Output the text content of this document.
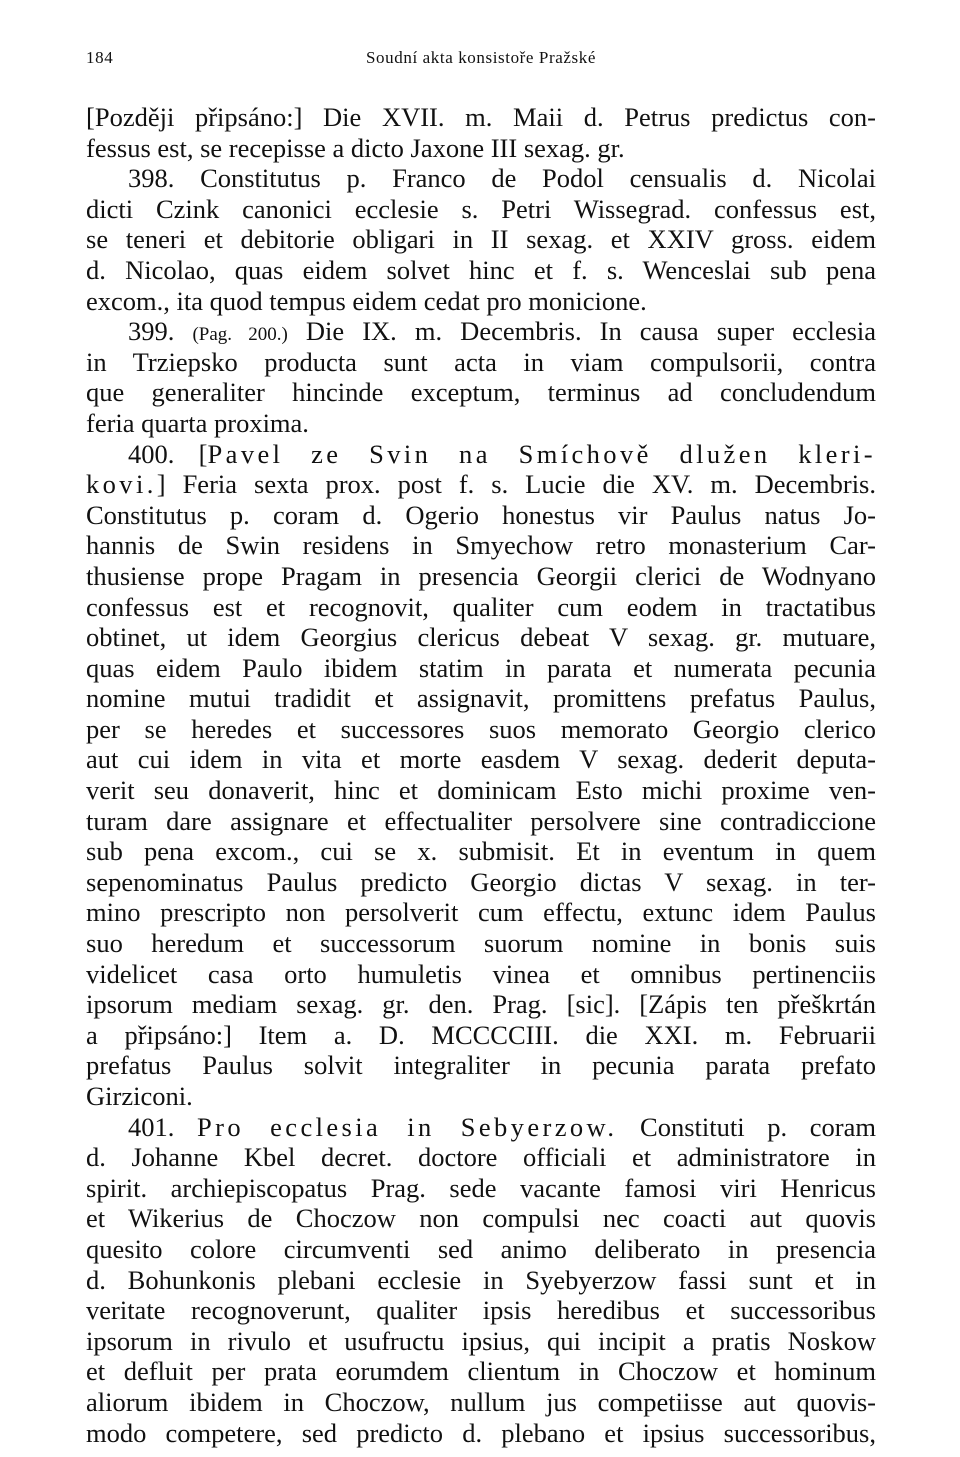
184	Soudní akta konsistoře Pražské
[Později připsáno:] Die XVII. m. Maii d. Petrus predictus con-
fessus est, se recepisse a dicto Jaxone III sexag. gr.
398. Constitutus p. Franco de Podol censualis d. Nicolai
dicti Czink canonici ecclesie s. Petri Wissegrad. confessus est,
se teneri et debitorie obligari in II sexag. et XXIV gross. eidem
d. Nicolao, quas eidem solvet hinc et f. s. Wenceslai sub pena
excom., ita quod tempus eidem cedat pro monicione.
399. (Pag. 200.) Die IX. m. Decembris. In causa super ecclesia
in Trziepsko producta sunt acta in viam compulsorii, contra
que generaliter hincinde exceptum, terminus ad concludendum
feria quarta proxima.
400. [Pavel ze Svin na Smíchově dlužen kleri-
kovi.] Feria sexta prox. post f. s. Lucie die XV. m. Decembris.
Constitutus p. coram d. Ogerio honestus vir Paulus natus Jo-
hannis de Swin residens in Smyechow retro monasterium Car-
thusiense prope Pragam in presencia Georgii clerici de Wodnyano
confessus est et recognovit, qualiter cum eodem in tractatibus
obtinet, ut idem Georgius clericus debeat V sexag. gr. mutuare,
quas eidem Paulo ibidem statim in parata et numerata pecunia
nomine mutui tradidit et assignavit, promittens prefatus Paulus,
per se heredes et successores suos memorato Georgio clerico
aut cui idem in vita et morte easdem V sexag. dederit deputa-
verit seu donaverit, hinc et dominicam Esto michi proxime ven-
turam dare assignare et effectualiter persolvere sine contradiccione
sub pena excom., cui se x. submisit. Et in eventum in quem
sepenominatus Paulus predicto Georgio dictas V sexag. in ter-
mino prescripto non persolverit cum effectu, extunc idem Paulus
suo heredum et successorum suorum nomine in bonis suis
videlicet casa orto humuletis vinea et omnibus pertinenciis
ipsorum mediam sexag. gr. den. Prag. [sic]. [Zápis ten přeškrtán
a připsáno:] Item a. D. MCCCCIII. die XXI. m. Februarii
prefatus Paulus solvit integraliter in pecunia parata prefato
Girziconi.
401. Pro ecclesia in Sebyerzow. Constituti p. coram
d. Johanne Kbel decret. doctore officiali et administratore in
spirit. archiepiscopatus Prag. sede vacante famosi viri Henricus
et Wikerius de Choczow non compulsi nec coacti aut quovis
quesito colore circumventi sed animo deliberato in presencia
d. Bohunkonis plebani ecclesie in Syebyerzow fassi sunt et in
veritate recognoverunt, qualiter ipsis heredibus et successoribus
ipsorum in rivulo et usufructu ipsius, qui incipit a pratis Noskow
et defluit per prata eorumdem clientum in Choczow et hominum
aliorum ibidem in Choczow, nullum jus competiisse aut quovis-
modo competere, sed predicto d. plebano et ipsius successoribus,
